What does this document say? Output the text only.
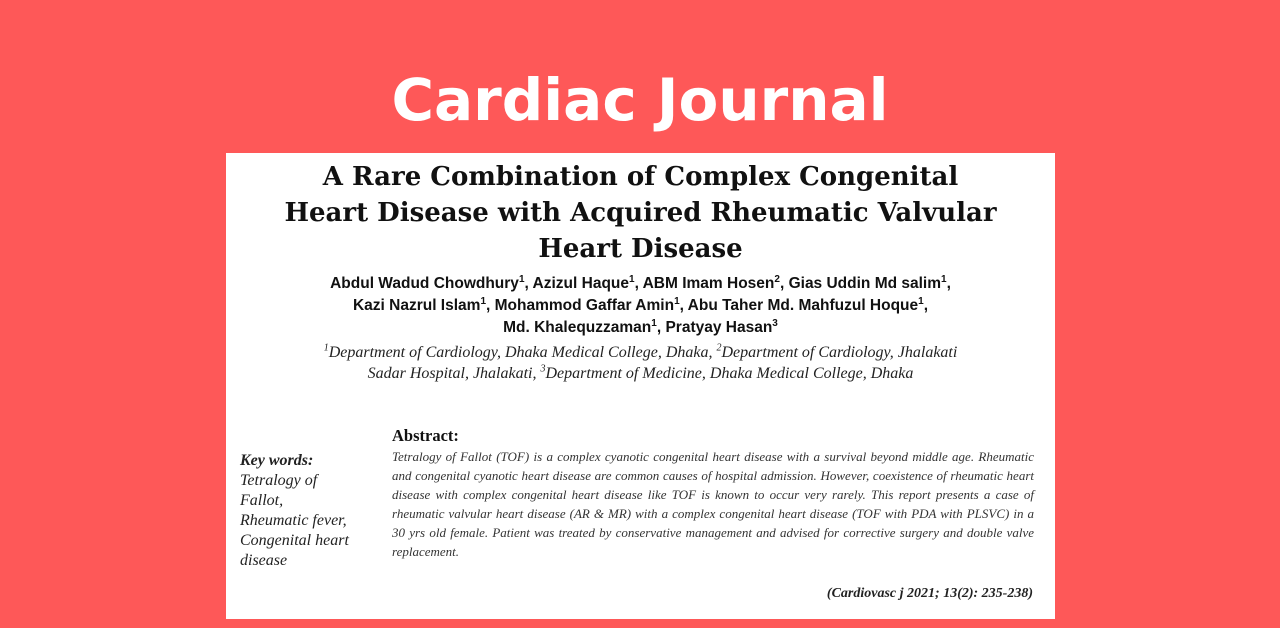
Cardiac Journal
A Rare Combination of Complex Congenital
Heart Disease with Acquired Rheumatic Valvular
Heart Disease
Abdul Wadud Chowdhury$^1$, Azizul Haque$^1$, ABM Imam Hosen$^2$, Gias Uddin Md salim$^1$,
Kazi Nazrul Islam$^1$, Mohammod Gaffar Amin$^1$, Abu Taher Md. Mahfuzul Hoque$^1$,
Md. Khalequzzaman$^1$, Pratyay Hasan$^3$
$^1$Department of Cardiology, Dhaka Medical College, Dhaka, $^2$Department of Cardiology, Jhalakati
Sadar Hospital, Jhalakati, $^3$Department of Medicine, Dhaka Medical College, Dhaka
Key words:
Tetralogy of
Fallot,
Rheumatic fever,
Congenital heart
disease
Abstract:
Tetralogy of Fallot (TOF) is a complex cyanotic congenital heart disease with a survival beyond middle age. Rheumatic and congenital cyanotic heart disease are common causes of hospital admission. However, coexistence of rheumatic heart disease with complex congenital heart disease like TOF is known to occur very rarely. This report presents a case of rheumatic valvular heart disease (AR & MR) with a complex congenital heart disease (TOF with PDA with PLSVC) in a 30 yrs old female. Patient was treated by conservative management and advised for corrective surgery and double valve replacement.
(Cardiovasc j 2021; 13(2): 235-238)
